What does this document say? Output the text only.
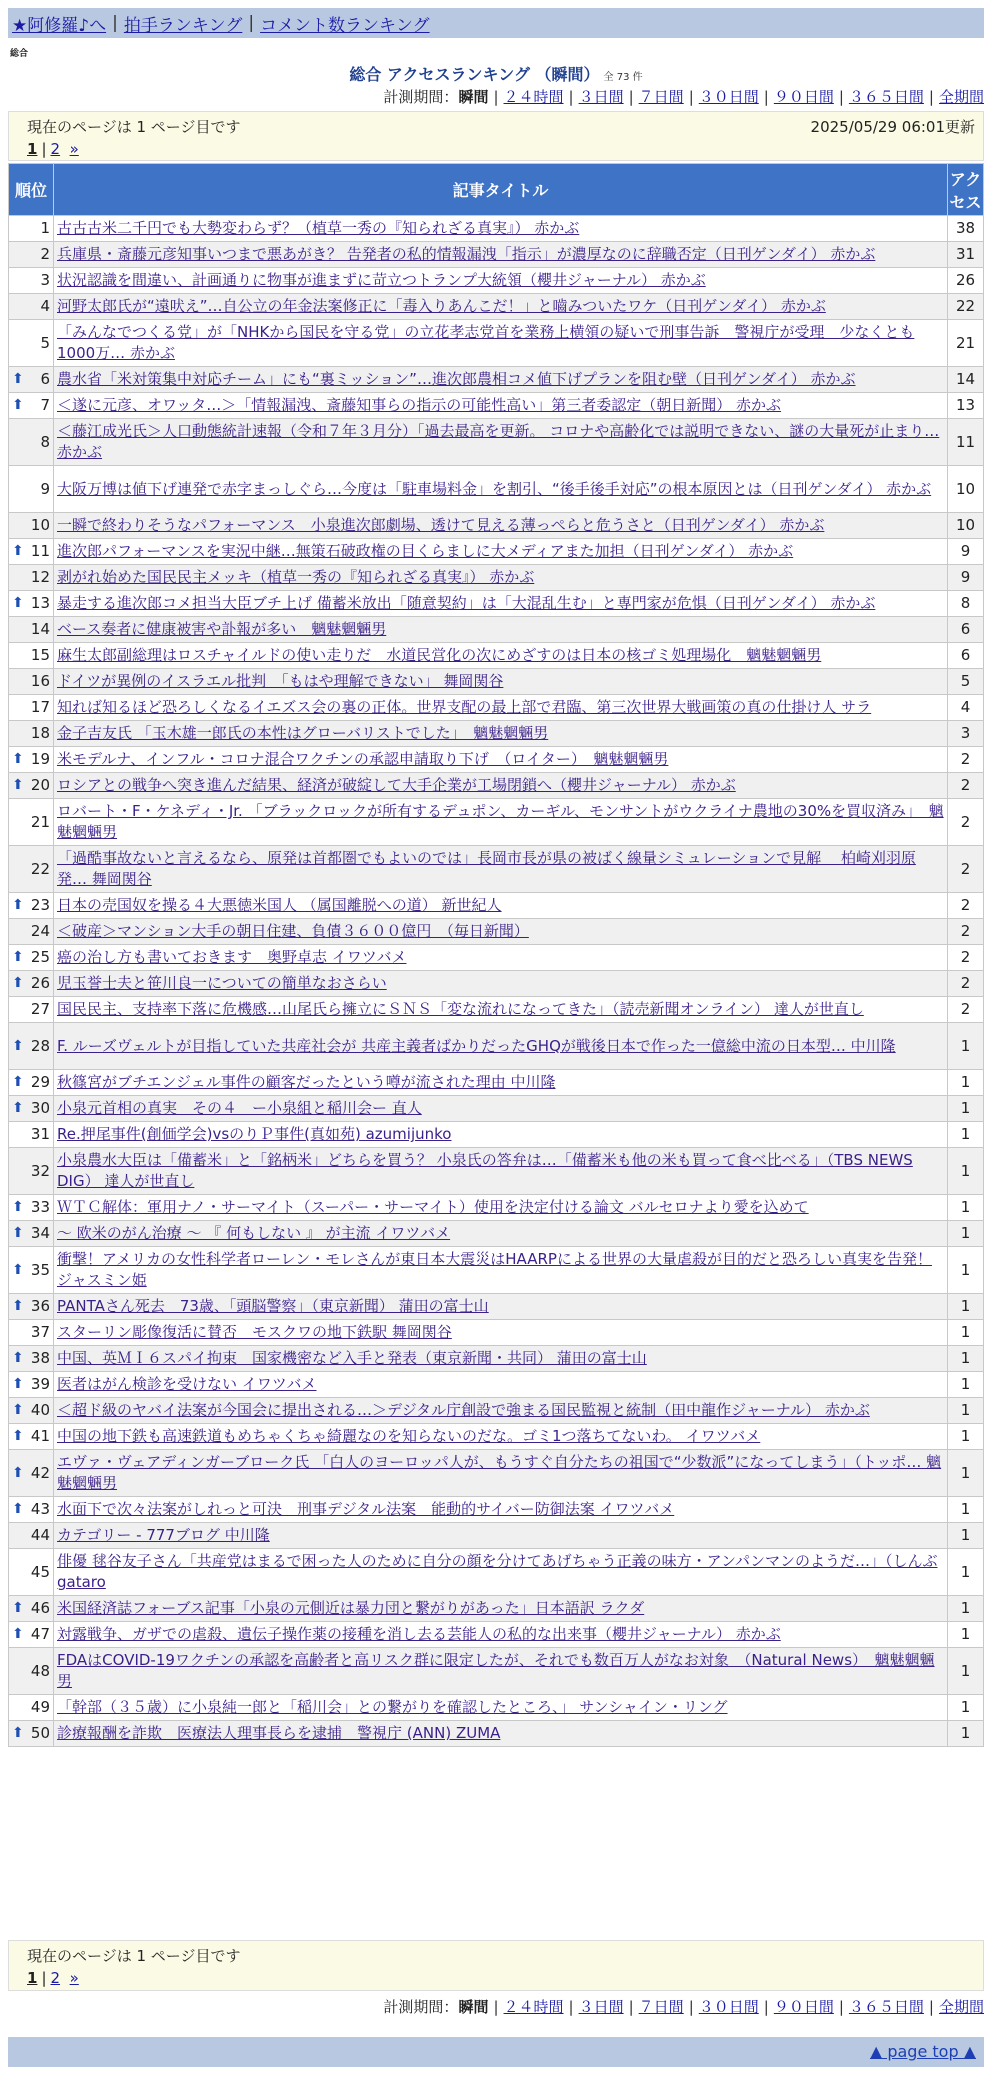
★阿修羅♪へ | 拍手ランキング | コメント数ランキング
総合
総合 アクセスランキング （瞬間） 全 73 件
計測期間：瞬間 | ２４時間 | ３日間 | ７日間 | ３０日間 | ９０日間 | ３６５日間 | 全期間
現在のページは 1 ページ目です	2025/05/29 06:01更新
1 | 2
»
順位	記事タイトル	アクセス
1	古古古米二千円でも大勢変わらず？（植草一秀の『知られざる真実』） 赤かぶ	38
2	兵庫県・斎藤元彦知事いつまで悪あがき？ 告発者の私的情報漏洩「指示」が濃厚なのに辞職否定（日刊ゲンダイ） 赤かぶ	31
3	状況認識を間違い、計画通りに物事が進まずに苛立つトランプ大統領（櫻井ジャーナル） 赤かぶ	26
4	河野太郎氏が“遠吠え”…自公立の年金法案修正に「毒入りあんこだ！」と嚙みついたワケ（日刊ゲンダイ） 赤かぶ	22
5	「みんなでつくる党」が「NHKから国民を守る党」の立花孝志党首を業務上横領の疑いで刑事告訴　警視庁が受理　少なくとも1000万… 赤かぶ	21

⬆ 6	農水省「米対策集中対応チーム」にも“裏ミッション”…進次郎農相コメ値下げプランを阻む壁（日刊ゲンダイ） 赤かぶ	14

⬆ 7	＜遂に元彦、オワッタ…＞「情報漏洩、斎藤知事らの指示の可能性高い」第三者委認定（朝日新聞） 赤かぶ	13
8	＜藤江成光氏＞人口動態統計速報（令和７年３月分）「過去最高を更新。 コロナや高齢化では説明できない、謎の大量死が止まり… 赤かぶ	11
9	大阪万博は値下げ連発で赤字まっしぐら…今度は「駐車場料金」を割引、“後手後手対応”の根本原因とは（日刊ゲンダイ） 赤かぶ	10
10	一瞬で終わりそうなパフォーマンス　小泉進次郎劇場、透けて見える薄っぺらと危うさと（日刊ゲンダイ） 赤かぶ	10

⬆ 11	進次郎パフォーマンスを実況中継…無策石破政権の目くらましに大メディアまた加担（日刊ゲンダイ） 赤かぶ	9
12	剥がれ始めた国民民主メッキ（植草一秀の『知られざる真実』） 赤かぶ	9

⬆ 13	暴走する進次郎コメ担当大臣ブチ上げ 備蓄米放出「随意契約」は「大混乱生む」と専門家が危惧（日刊ゲンダイ） 赤かぶ	8
14	ベース奏者に健康被害や訃報が多い　魑魅魍魎男	6
15	麻生太郎副総理はロスチャイルドの使い走りだ　水道民営化の次にめざすのは日本の核ゴミ処理場化　魑魅魍魎男	6
16	ドイツが異例のイスラエル批判　「もはや理解できない」 舞岡関谷	5
17	知れば知るほど恐ろしくなるイエズス会の裏の正体。世界支配の最上部で君臨、第三次世界大戦画策の真の仕掛け人 サラ	4
18	金子吉友氏 「玉木雄一郎氏の本性はグローバリストでした」　魑魅魍魎男	3

⬆ 19	米モデルナ、インフル・コロナ混合ワクチンの承認申請取り下げ　（ロイター）　魑魅魍魎男	2

⬆ 20	ロシアとの戦争へ突き進んだ結果、経済が破綻して大手企業が工場閉鎖へ（櫻井ジャーナル） 赤かぶ	2
21	ロバート・F・ケネディ・Jr. 「ブラックロックが所有するデュポン、カーギル、モンサントがウクライナ農地の30%を買収済み」　魑魅魍魎男	2
22	「過酷事故ないと言えるなら、原発は首都圏でもよいのでは」長岡市長が県の被ばく線量シミュレーションで見解　 柏崎刈羽原発… 舞岡関谷	2

⬆ 23	日本の売国奴を操る４大悪徳米国人 （属国離脱への道） 新世紀人	2
24	＜破産＞マンション大手の朝日住建、負債３６００億円　（毎日新聞）	2

⬆ 25	癌の治し方も書いておきます　奥野卓志 イワツバメ	2

⬆ 26	児玉誉士夫と笹川良一についての簡単なおさらい	2
27	国民民主、支持率下落に危機感…山尾氏ら擁立にＳＮＳ「変な流れになってきた」（読売新聞オンライン） 達人が世直し	2

⬆ 28	F. ルーズヴェルトが目指していた共産社会が 共産主義者ばかりだったGHQが戦後日本で作った一億総中流の日本型… 中川隆	1

⬆ 29	秋篠宮がブチエンジェル事件の顧客だったという噂が流された理由 中川隆	1

⬆ 30	小泉元首相の真実　その４　ー小泉組と稲川会ー 直人	1
31	Re.押尾事件(創価学会)vsのりＰ事件(真如苑) azumijunko	1
32	小泉農水大臣は「備蓄米」と「銘柄米」どちらを買う？ 小泉氏の答弁は…「備蓄米も他の米も買って食べ比べる」（TBS NEWS DIG） 達人が世直し	1

⬆ 33	ＷＴＣ解体：軍用ナノ・サーマイト（スーパー・サーマイト）使用を決定付ける論文 バルセロナより愛を込めて	1

⬆ 34	～ 欧米のがん治療 ～ 『 何もしない 』 が主流 イワツバメ	1

⬆ 35	衝撃！アメリカの女性科学者ローレン・モレさんが東日本大震災はHAARPによる世界の大量虐殺が目的だと恐ろしい真実を告発！ ジャスミン姫	1

⬆ 36	PANTAさん死去　73歳、「頭脳警察」（東京新聞） 蒲田の富士山	1
37	スターリン彫像復活に賛否　モスクワの地下鉄駅 舞岡関谷	1

⬆ 38	中国、英ＭＩ６スパイ拘束　国家機密など入手と発表（東京新聞・共同） 蒲田の富士山	1

⬆ 39	医者はがん検診を受けない イワツバメ	1

⬆ 40	＜超ド級のヤバイ法案が今国会に提出される…＞デジタル庁創設で強まる国民監視と統制（田中龍作ジャーナル） 赤かぶ	1

⬆ 41	中国の地下鉄も高速鉄道もめちゃくちゃ綺麗なのを知らないのだな。ゴミ1つ落ちてないわ。 イワツバメ	1

⬆ 42	エヴァ・ヴェアディンガーブローク氏 「白人のヨーロッパ人が、もうすぐ自分たちの祖国で“少数派”になってしまう」（トッポ… 魑魅魍魎男	1

⬆ 43	水面下で次々法案がしれっと可決　刑事デジタル法案　能動的サイバー防御法案 イワツバメ	1
44	カテゴリー - 777ブログ 中川隆	1
45	俳優 毬谷友子さん「共産党はまるで困った人のために自分の顔を分けてあげちゃう正義の味方・アンパンマンのようだ…」（しんぶ gataro	1

⬆ 46	米国経済誌フォーブス記事「小泉の元側近は暴力団と繋がりがあった」日本語訳 ラクダ	1

⬆ 47	対露戦争、ガザでの虐殺、遺伝子操作薬の接種を消し去る芸能人の私的な出来事（櫻井ジャーナル） 赤かぶ	1
48	FDAはCOVID-19ワクチンの承認を高齢者と高リスク群に限定したが、それでも数百万人がなお対象　（Natural News）　魑魅魍魎男	1
49	「幹部（３５歳）に小泉純一郎と「稲川会」との繋がりを確認したところ、」 サンシャイン・リング	1

⬆ 50	診療報酬を詐欺　医療法人理事長らを逮捕　警視庁 (ANN) ZUMA	1
現在のページは 1 ページ目です
1 | 2
»
計測期間：瞬間 | ２４時間 | ３日間 | ７日間 | ３０日間 | ９０日間 | ３６５日間 | 全期間
▲ page top ▲
